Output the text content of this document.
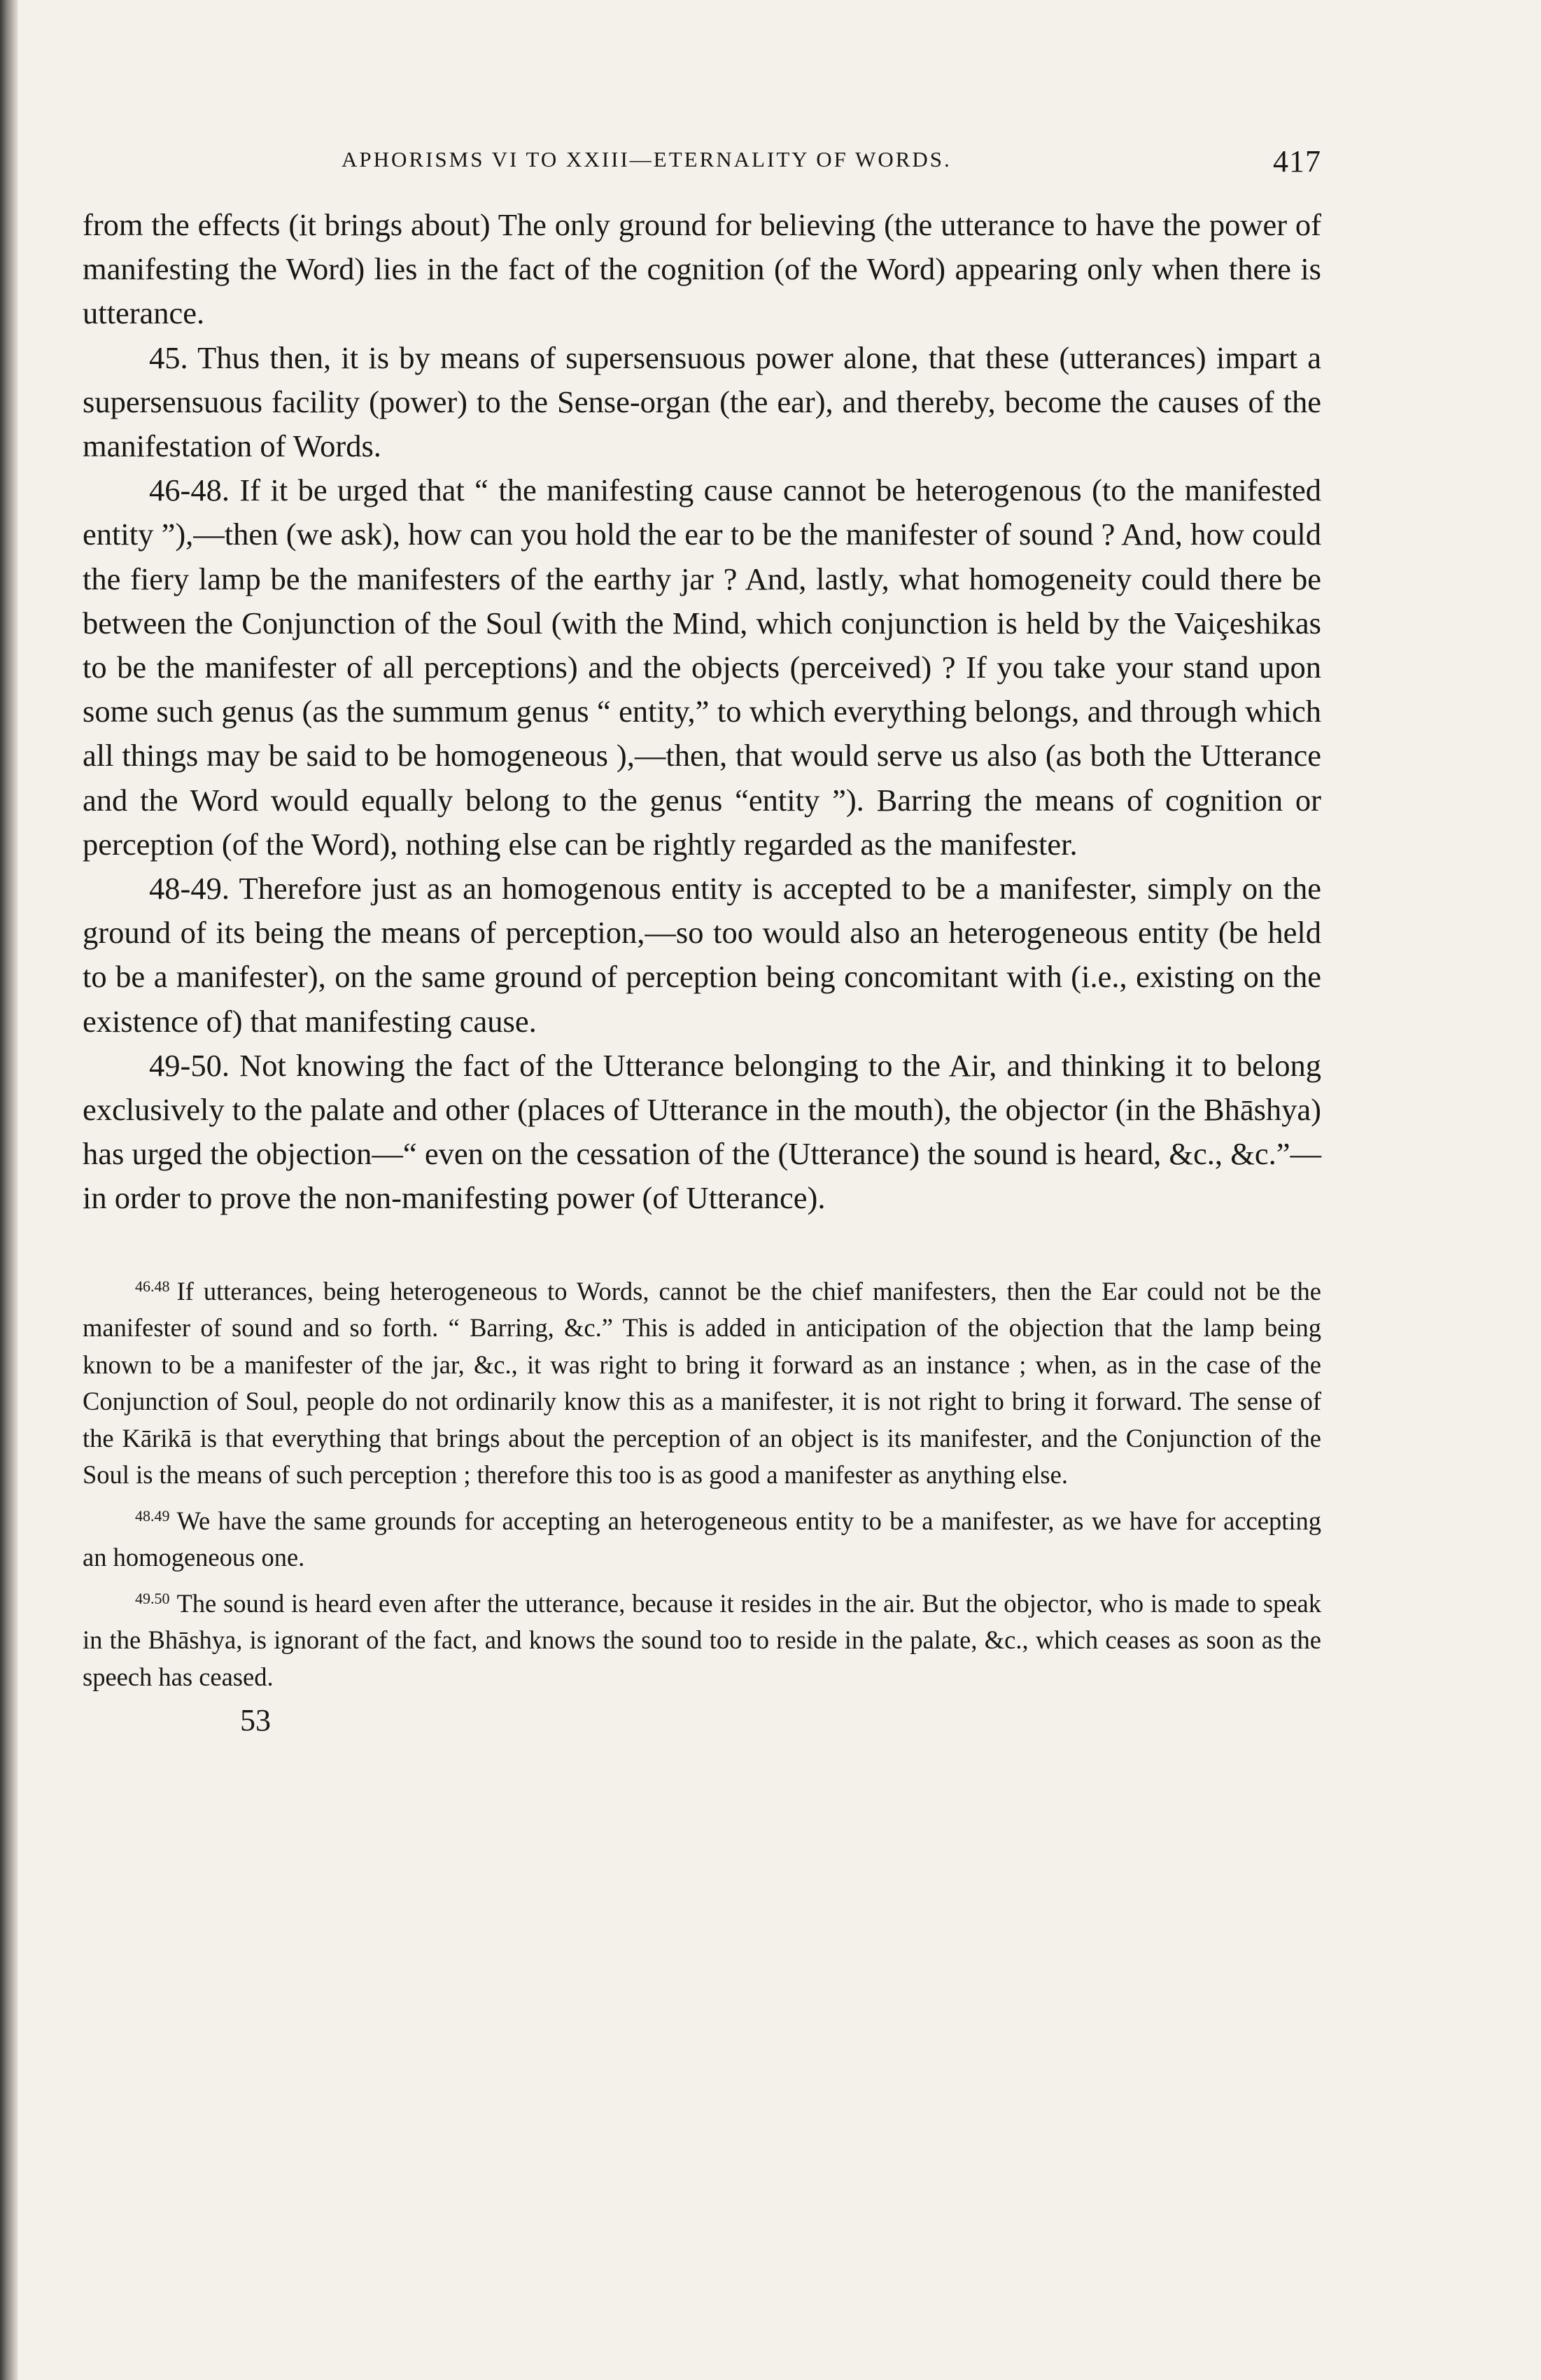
APHORISMS VI TO XXIII—ETERNALITY OF WORDS.	417

from the effects (it brings about) The only ground for believing (the utterance to have the power of manifesting the Word) lies in the fact of the cognition (of the Word) appearing only when there is utterance.

45. Thus then, it is by means of supersensuous power alone, that these (utterances) impart a supersensuous facility (power) to the Sense-organ (the ear), and thereby, become the causes of the manifestation of Words.

46-48. If it be urged that “ the manifesting cause cannot be heterogenous (to the manifested entity ”),—then (we ask), how can you hold the ear to be the manifester of sound ? And, how could the fiery lamp be the manifesters of the earthy jar ? And, lastly, what homogeneity could there be between the Conjunction of the Soul (with the Mind, which conjunction is held by the Vaiçeshikas to be the manifester of all perceptions) and the objects (perceived) ? If you take your stand upon some such genus (as the summum genus “ entity,” to which everything belongs, and through which all things may be said to be homogeneous ),—then, that would serve us also (as both the Utterance and the Word would equally belong to the genus “entity ”). Barring the means of cognition or perception (of the Word), nothing else can be rightly regarded as the manifester.

48-49. Therefore just as an homogenous entity is accepted to be a manifester, simply on the ground of its being the means of perception,—so too would also an heterogeneous entity (be held to be a manifester), on the same ground of perception being concomitant with (i.e., existing on the existence of) that manifesting cause.

49-50. Not knowing the fact of the Utterance belonging to the Air, and thinking it to belong exclusively to the palate and other (places of Utterance in the mouth), the objector (in the Bhāshya) has urged the objection—“ even on the cessation of the (Utterance) the sound is heard, &c., &c.”—in order to prove the non-manifesting power (of Utterance).

$^{46.48}$ If utterances, being heterogeneous to Words, cannot be the chief manifesters, then the Ear could not be the manifester of sound and so forth. “ Barring, &c.” This is added in anticipation of the objection that the lamp being known to be a manifester of the jar, &c., it was right to bring it forward as an instance ; when, as in the case of the Conjunction of Soul, people do not ordinarily know this as a manifester, it is not right to bring it forward. The sense of the Kārikā is that everything that brings about the perception of an object is its manifester, and the Conjunction of the Soul is the means of such perception ; therefore this too is as good a manifester as anything else.

$^{48.49}$ We have the same grounds for accepting an heterogeneous entity to be a manifester, as we have for accepting an homogeneous one.

$^{49.50}$ The sound is heard even after the utterance, because it resides in the air. But the objector, who is made to speak in the Bhāshya, is ignorant of the fact, and knows the sound too to reside in the palate, &c., which ceases as soon as the speech has ceased.

53
